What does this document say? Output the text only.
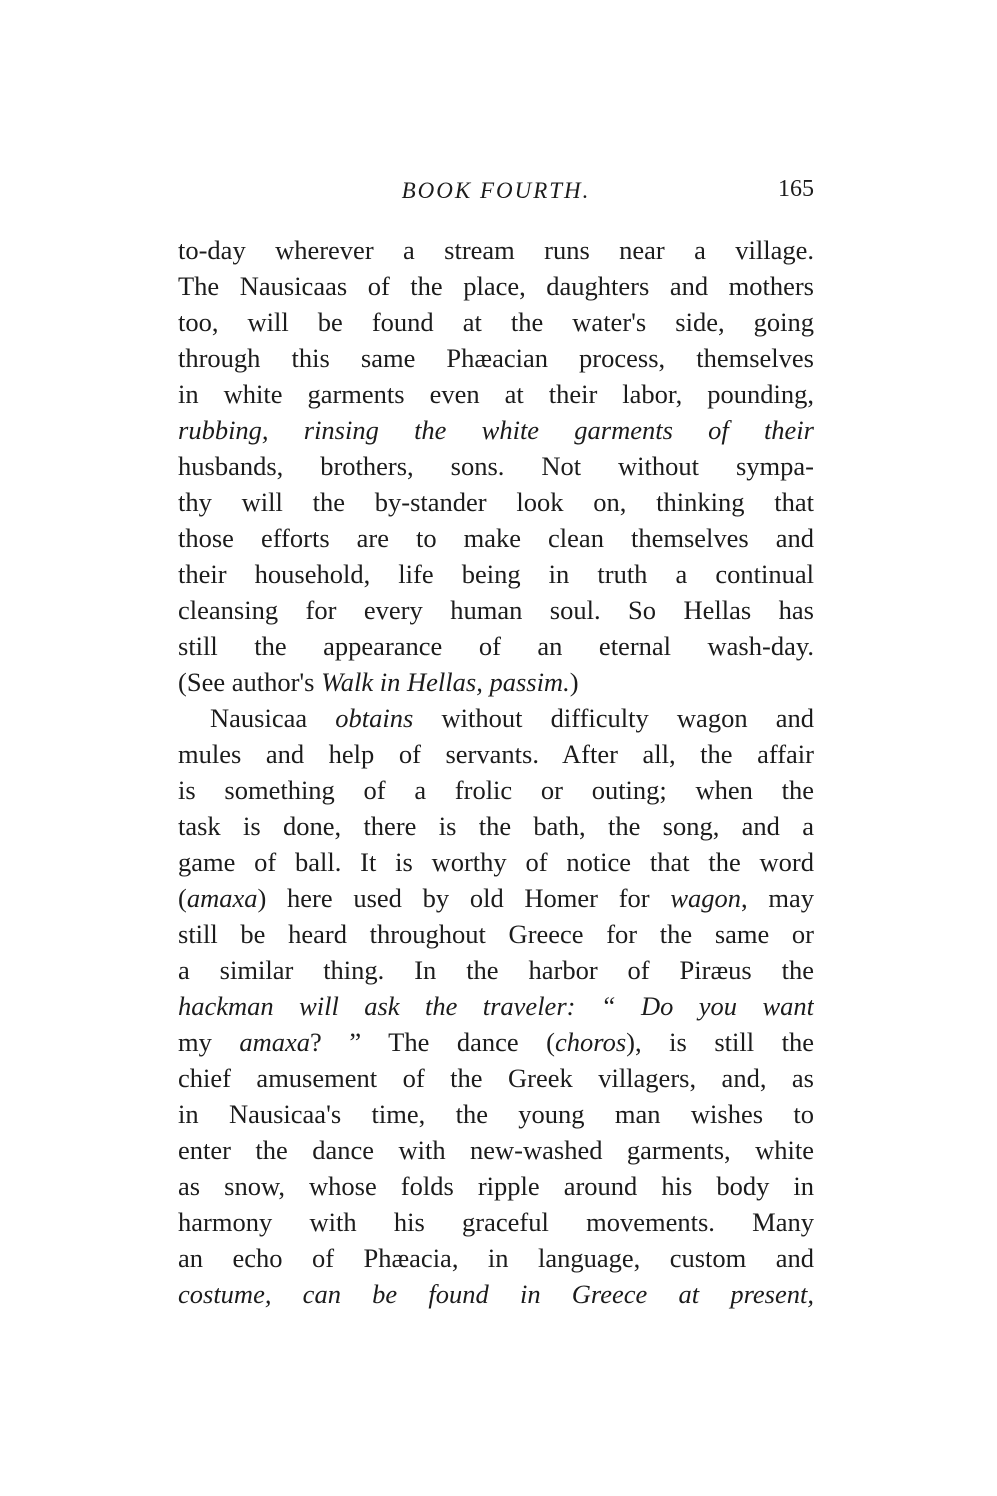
BOOK FOURTH.	165
to-day wherever a stream runs near a village.
The Nausicaas of the place, daughters and mothers
too, will be found at the water's side, going
through this same Phæacian process, themselves
in white garments even at their labor, pounding,
rubbing, rinsing the white garments of their
husbands, brothers, sons. Not without sympa-
thy will the by-stander look on, thinking that
those efforts are to make clean themselves and
their household, life being in truth a continual
cleansing for every human soul. So Hellas has
still the appearance of an eternal wash-day.
(See author's Walk in Hellas, passim.)
Nausicaa obtains without difficulty wagon and
mules and help of servants. After all, the affair
is something of a frolic or outing; when the
task is done, there is the bath, the song, and a
game of ball. It is worthy of notice that the word
(amaxa) here used by old Homer for wagon, may
still be heard throughout Greece for the same or
a similar thing. In the harbor of Piræus the
hackman will ask the traveler: “ Do you want
my amaxa? ” The dance (choros), is still the
chief amusement of the Greek villagers, and, as
in Nausicaa's time, the young man wishes to
enter the dance with new-washed garments, white
as snow, whose folds ripple around his body in
harmony with his graceful movements. Many
an echo of Phæacia, in language, custom and
costume, can be found in Greece at present,
